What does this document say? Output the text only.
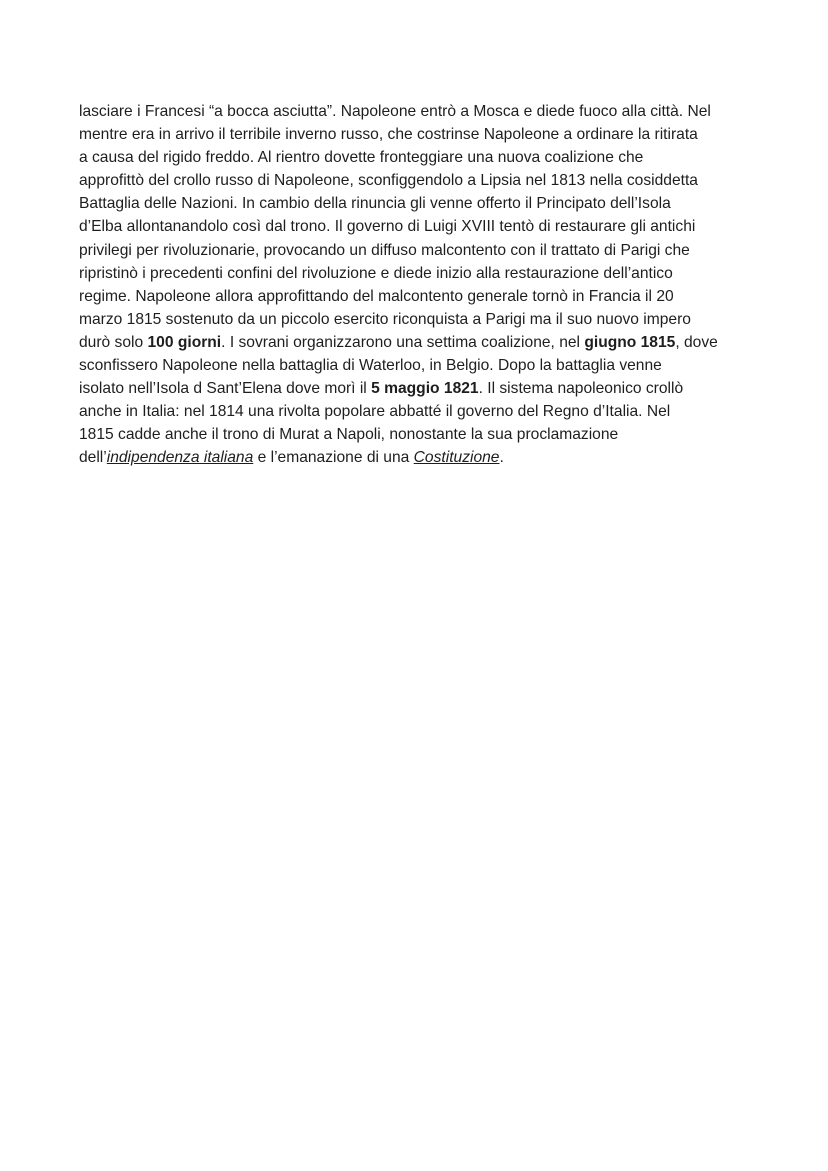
lasciare i Francesi “a bocca asciutta”. Napoleone entrò a Mosca e diede fuoco alla città. Nel
mentre era in arrivo il terribile inverno russo, che costrinse Napoleone a ordinare la ritirata
a causa del rigido freddo. Al rientro dovette fronteggiare una nuova coalizione che
approfittò del crollo russo di Napoleone, sconfiggendolo a Lipsia nel 1813 nella cosiddetta
Battaglia delle Nazioni. In cambio della rinuncia gli venne offerto il Principato dell’Isola
d’Elba allontanandolo così dal trono. Il governo di Luigi XVIII tentò di restaurare gli antichi
privilegi per rivoluzionarie, provocando un diffuso malcontento con il trattato di Parigi che
ripristinò i precedenti confini del rivoluzione e diede inizio alla restaurazione dell’antico
regime. Napoleone allora approfittando del malcontento generale tornò in Francia il 20
marzo 1815 sostenuto da un piccolo esercito riconquista a Parigi ma il suo nuovo impero
durò solo 100 giorni. I sovrani organizzarono una settima coalizione, nel giugno 1815, dove
sconfissero Napoleone nella battaglia di Waterloo, in Belgio. Dopo la battaglia venne
isolato nell’Isola d Sant’Elena dove morì il 5 maggio 1821. Il sistema napoleonico crollò
anche in Italia: nel 1814 una rivolta popolare abbatté il governo del Regno d’Italia. Nel
1815 cadde anche il trono di Murat a Napoli, nonostante la sua proclamazione
dell’indipendenza italiana e l’emanazione di una Costituzione.
